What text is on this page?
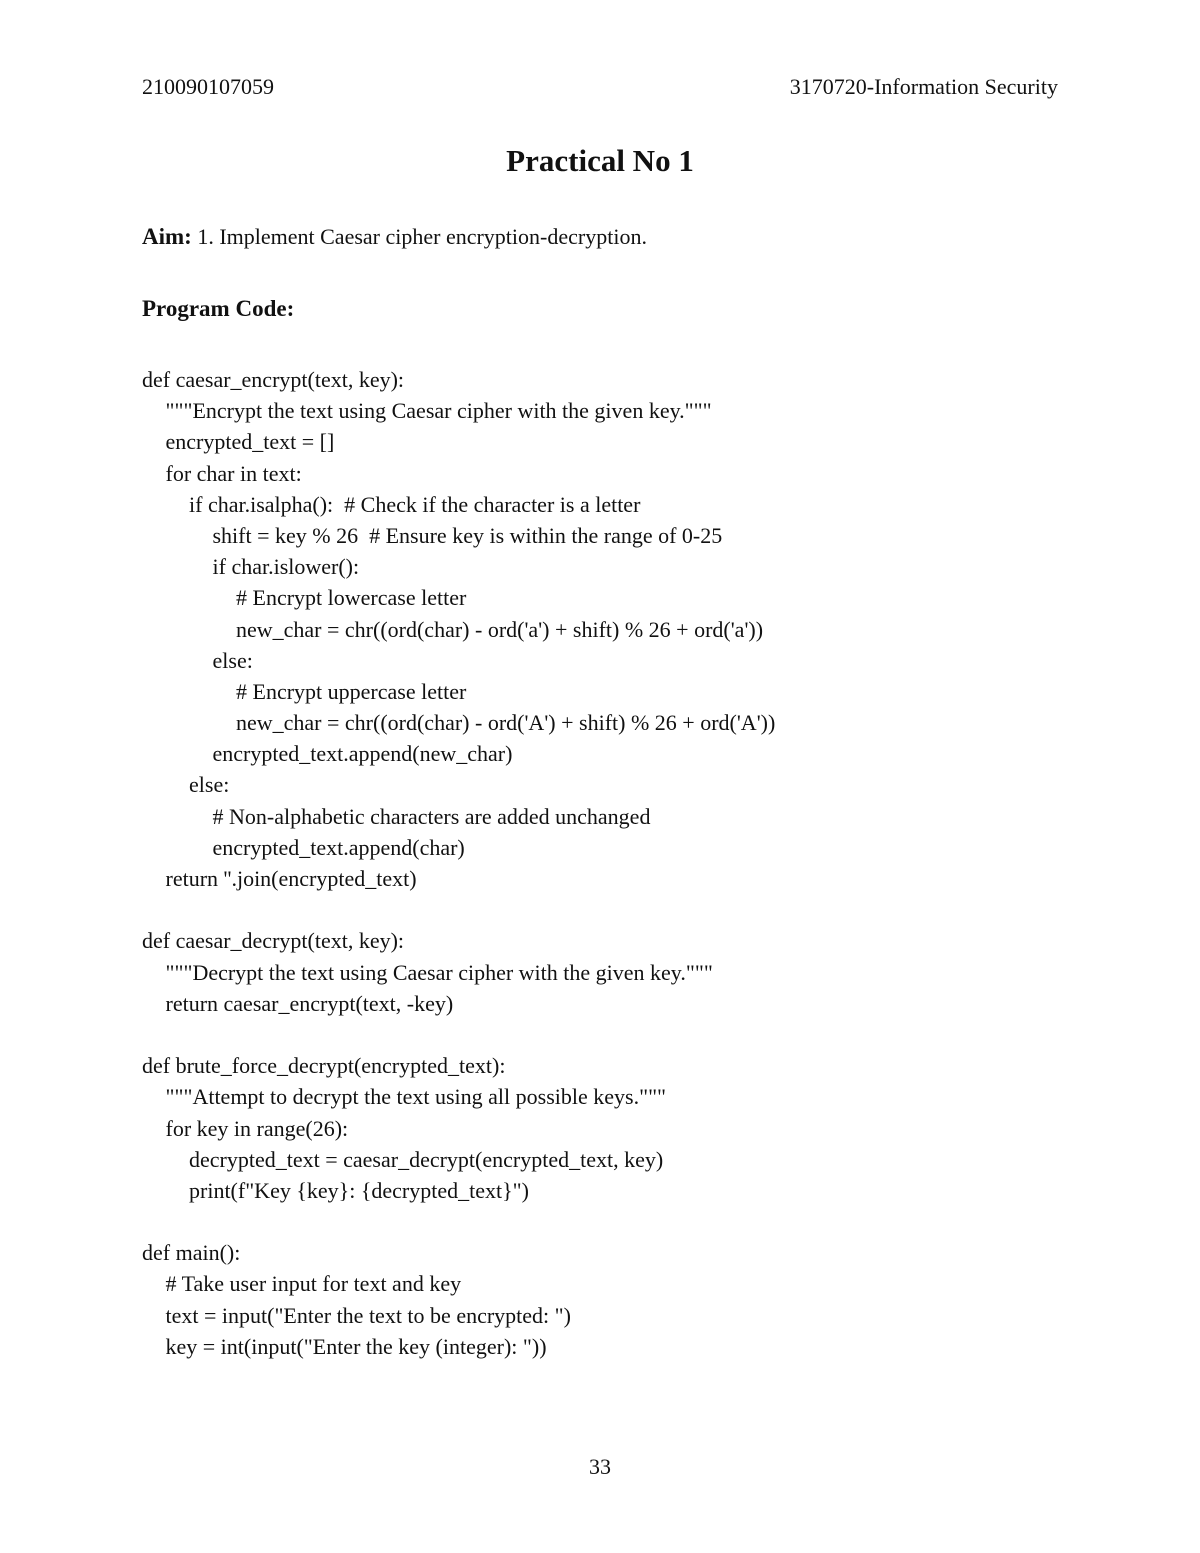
210090107059	3170720-Information Security
Practical No 1
Aim: 1. Implement Caesar cipher encryption-decryption.
Program Code:
def caesar_encrypt(text, key):
"""Encrypt the text using Caesar cipher with the given key."""
encrypted_text = []
for char in text:
if char.isalpha():  # Check if the character is a letter
shift = key % 26  # Ensure key is within the range of 0-25
if char.islower():
# Encrypt lowercase letter
new_char = chr((ord(char) - ord('a') + shift) % 26 + ord('a'))
else:
# Encrypt uppercase letter
new_char = chr((ord(char) - ord('A') + shift) % 26 + ord('A'))
encrypted_text.append(new_char)
else:
# Non-alphabetic characters are added unchanged
encrypted_text.append(char)
return ''.join(encrypted_text)
def caesar_decrypt(text, key):
"""Decrypt the text using Caesar cipher with the given key."""
return caesar_encrypt(text, -key)
def brute_force_decrypt(encrypted_text):
"""Attempt to decrypt the text using all possible keys."""
for key in range(26):
decrypted_text = caesar_decrypt(encrypted_text, key)
print(f"Key {key}: {decrypted_text}")
def main():
# Take user input for text and key
text = input("Enter the text to be encrypted: ")
key = int(input("Enter the key (integer): "))
33
